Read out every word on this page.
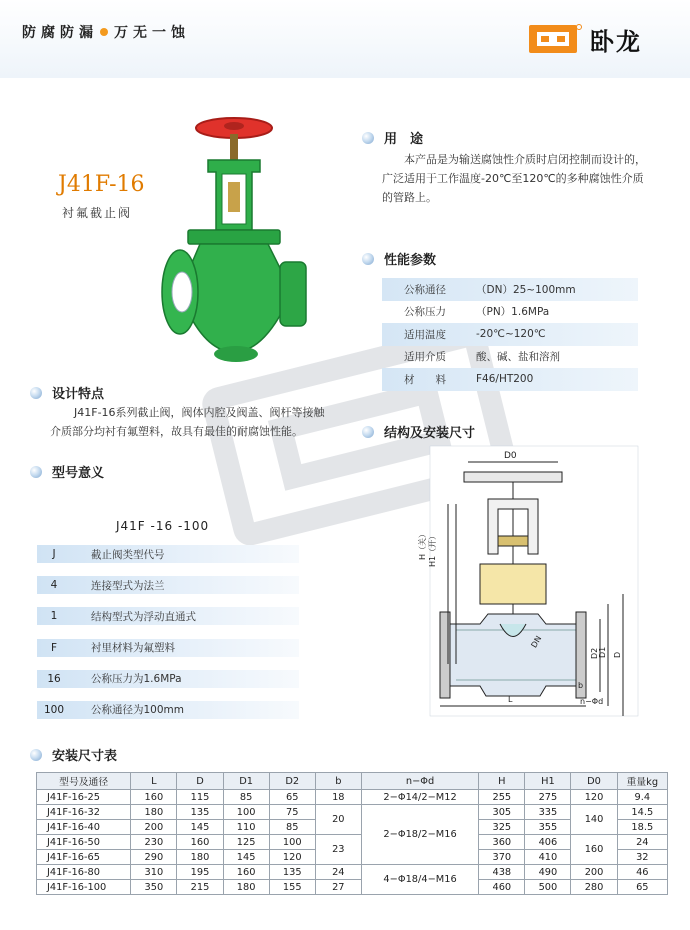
防腐防漏 万无一蚀	卧龙
J41F-16
衬氟截止阀
用　途
本产品是为输送腐蚀性介质时启闭控制而设计的，广泛适用于工作温度-20℃至120℃的多种腐蚀性介质的管路上。
性能参数
公称通径	（DN）25~100mm
公称压力	（PN）1.6MPa
适用温度	-20℃~120℃
适用介质	酸、碱、盐和溶剂
材　　料	F46/HT200
设计特点
J41F-16系列截止阀，阀体内腔及阀盖、阀杆等接触介质部分均衬有氟塑料，故具有最佳的耐腐蚀性能。
型号意义
J41F -16 -100
J	截止阀类型代号
4	连接型式为法兰
1	结构型式为浮动直通式
F	衬里材料为氟塑料
16	公称压力为1.6MPa
100	公称通径为100mm
结构及安装尺寸
D0
H（关） H1（开）
DN
D2 D1 D
L
b
n−Φd
安装尺寸表
型号及通径	L	D	D1	D2	b	n−Φd	H	H1	D0	重量kg
J41F-16-25	160	115	85	65	18	2−Φ14/2−M12	255	275	120	9.4
J41F-16-32	180	135	100	75	20	2−Φ18/2−M16	305	335	140	14.5
J41F-16-40	200	145	110	85			325	355		18.5
J41F-16-50	230	160	125	100	23		360	406	160	24
J41F-16-65	290	180	145	120			370	410		32
J41F-16-80	310	195	160	135	24	4−Φ18/4−M16	438	490	200	46
J41F-16-100	350	215	180	155	27		460	500	280	65
